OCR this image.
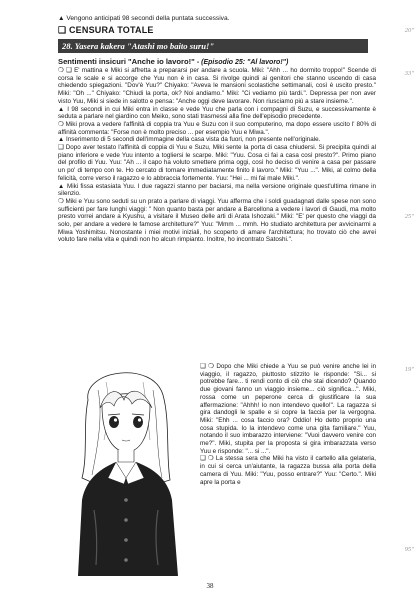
▲ Vengono anticipati 98 secondi della puntata successiva.
20"
❑ CENSURA TOTALE
28. Yasera kakera "Atashi mo baito suru!"
Sentimenti insicuri "Anche io lavoro!" - (Episodio 25: "Al lavoro!")
33"
25"
19"
95"

❍ ❑ E' mattina e Miki si affretta a prepararsi per andare a scuola. Miki: "Ahh ... ho dormito troppo!" Scende di corsa le scale e si accorge che Yuu non è in casa. Si rivolge quindi ai genitori che stanno uscendo di casa chiedendo spiegazioni. "Dov'è Yuu?" Chiyako: "Aveva le mansioni scolastiche settimanali, così è uscito presto." Miki: "Oh ..." Chiyako: "Chiudi la porta, ok? Noi andiamo." Miki: "Ci vediamo più tardi.". Depressa per non aver visto Yuu, Miki si siede in salotto e pensa: "Anche oggi deve lavorare. Non riusciamo più a stare insieme.".

▲ I 98 secondi in cui Miki entra in classe e vede Yuu che parla con i compagni di Suzu, e successivamente è seduta a parlare nel giardino con Meiko, sono stati trasmessi alla fine dell'episodio precedente.

❍ Miki prova a vedere l'affinità di coppia tra Yuu e Suzu con il suo computerino, ma dopo essere uscito l' 80% di affinità commenta: "Forse non è molto preciso ... per esempio Yuu e Miwa.".

▲ Inserimento di 5 secondi dell'immagine della casa vista da fuori, non presente nell'originale.

❑ Dopo aver testato l'affinità di coppia di Yuu e Suzu, Miki sente la porta di casa chiudersi. Si precipita quindi al piano inferiore e vede Yuu intento a togliersi le scarpe. Miki: "Yuu. Cosa ci fai a casa così presto?". Primo piano del profilo di Yuu. Yuu: "Ah ... il capo ha voluto smettere prima oggi, così ho deciso di venire a casa per passare un po' di tempo con te. Ho cercato di tornare immediatamente finito il lavoro." Miki: "Yuu ...". Miki, al colmo della felicità, corre verso il ragazzo e lo abbraccia fortemente. Yuu: "Hei ... mi fai male Miki.".

▲ Miki fissa estasiata Yuu. I due ragazzi stanno per baciarsi, ma nella versione originale quest'ultima rimane in silenzio.

❍ Miki e Yuu sono seduti su un prato a parlare di viaggi. Yuu afferma che i soldi guadagnati dalle spese non sono sufficienti per fare lunghi viaggi: " Non quanto basta per andare a Barcellona a vedere i lavori di Gaudi, ma molto presto vorrei andare a Kyushu, a visitare il Museo delle arti di Arata Ishozaki." Miki: "E' per questo che viaggi da solo, per andare a vedere le famose architetture?" Yuu: "Mmm ... mmh. Ho studiato architettura per avvicinarmi a Miwa Yoshimitsu. Nonostante i miei motivi iniziali, ho scoperto di amare l'architettura; ho trovato ciò che avrei voluto fare nella vita e quindi non ho alcun rimpianto. Inoltre, ho incontrato Satoshi.".

❑ ❍ Dopo che Miki chiede a Yuu se può venire anche lei in viaggio, il ragazzo, piuttosto stizzito le risponde: "Si... si potrebbe fare... ti rendi conto di ciò che stai dicendo? Quando due giovani fanno un viaggio insieme... ciò significa...". Miki, rossa come un peperone cerca di giustificare la sua affermazione: "Ahhh! Io non intendevo quello!". La ragazza si gira dandogli le spalle e si copre la faccia per la vergogna. Miki: "Ehh ... cosa faccio ora? Oddio! Ho detto proprio una cosa stupida. Io la intendevo come una gita familiare." Yuu, notando il suo imbarazzo interviene: "Vuoi davvero venire con me?". Miki, stupita per la proposta si gira imbarazzata verso Yuu e risponde: "... si ...".

❑ ❍ La stessa sera che Miki ha visto il cartello alla gelateria, in cui si cerca un'aiutante, la ragazza bussa alla porta della camera di Yuu. Miki: "Yuu, posso entrare?" Yuu: "Certo.". Miki apre la porta e

38
